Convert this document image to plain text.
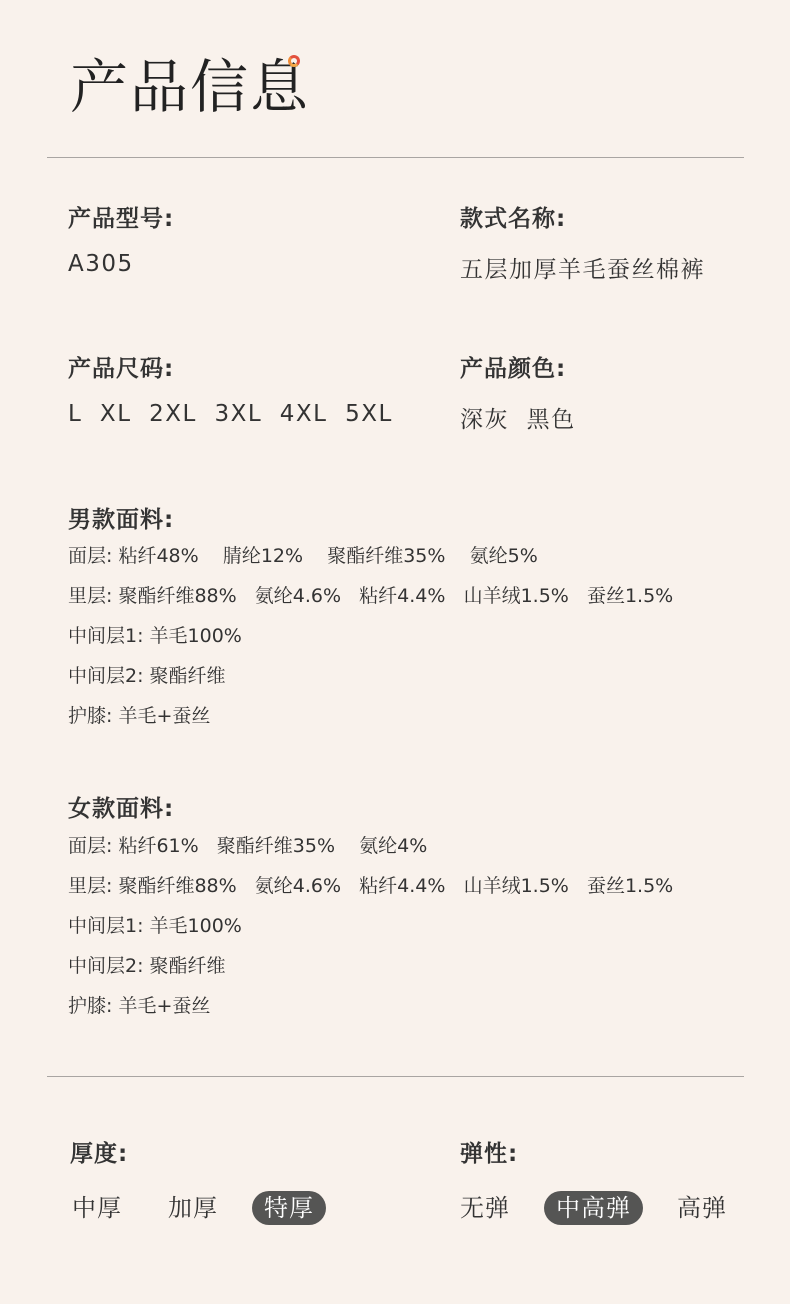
产品信息
产品型号:
A305
款式名称:
五层加厚羊毛蚕丝棉裤
产品尺码:
L  XL  2XL  3XL  4XL  5XL
产品颜色:
深灰  黑色
男款面料:
面层: 粘纤48%    腈纶12%    聚酯纤维35%    氨纶5%
里层: 聚酯纤维88%   氨纶4.6%   粘纤4.4%   山羊绒1.5%   蚕丝1.5%
中间层1: 羊毛100%
中间层2: 聚酯纤维
护膝: 羊毛+蚕丝
女款面料:
面层: 粘纤61%   聚酯纤维35%    氨纶4%
里层: 聚酯纤维88%   氨纶4.6%   粘纤4.4%   山羊绒1.5%   蚕丝1.5%
中间层1: 羊毛100%
中间层2: 聚酯纤维
护膝: 羊毛+蚕丝
厚度:
中厚	加厚	特厚
弹性:
无弹	中高弹	高弹
